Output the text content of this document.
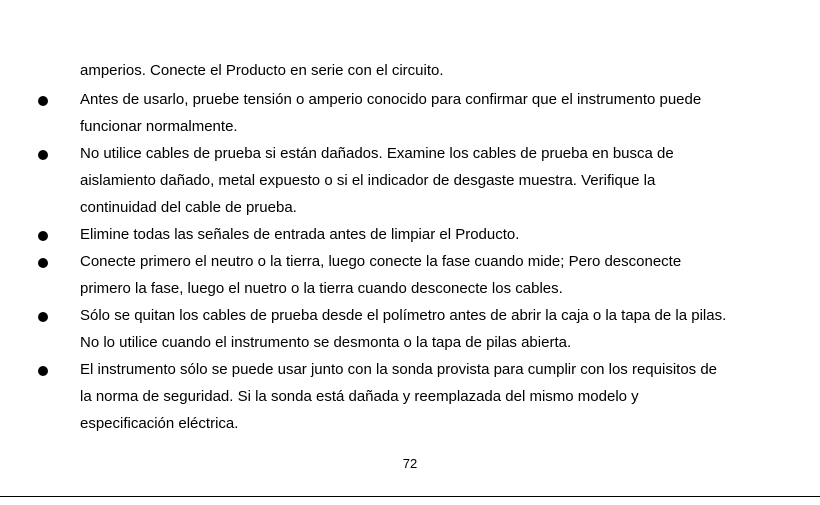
amperios. Conecte el Producto en serie con el circuito.
Antes de usarlo, pruebe tensión o amperio conocido para confirmar que el instrumento puede
funcionar normalmente.
No utilice cables de prueba si están dañados. Examine los cables de prueba en busca de
aislamiento dañado, metal expuesto o si el indicador de desgaste muestra. Verifique la
continuidad del cable de prueba.
Elimine todas las señales de entrada antes de limpiar el Producto.
Conecte primero el neutro o la tierra, luego conecte la fase cuando mide; Pero desconecte
primero la fase, luego el nuetro o la tierra cuando desconecte los cables.
Sólo se quitan los cables de prueba desde el polímetro antes de abrir la caja o la tapa de la pilas.
No lo utilice cuando el instrumento se desmonta o la tapa de pilas abierta.
El instrumento sólo se puede usar junto con la sonda provista para cumplir con los requisitos de
la norma de seguridad. Si la sonda está dañada y reemplazada del mismo modelo y
especificación eléctrica.
72
